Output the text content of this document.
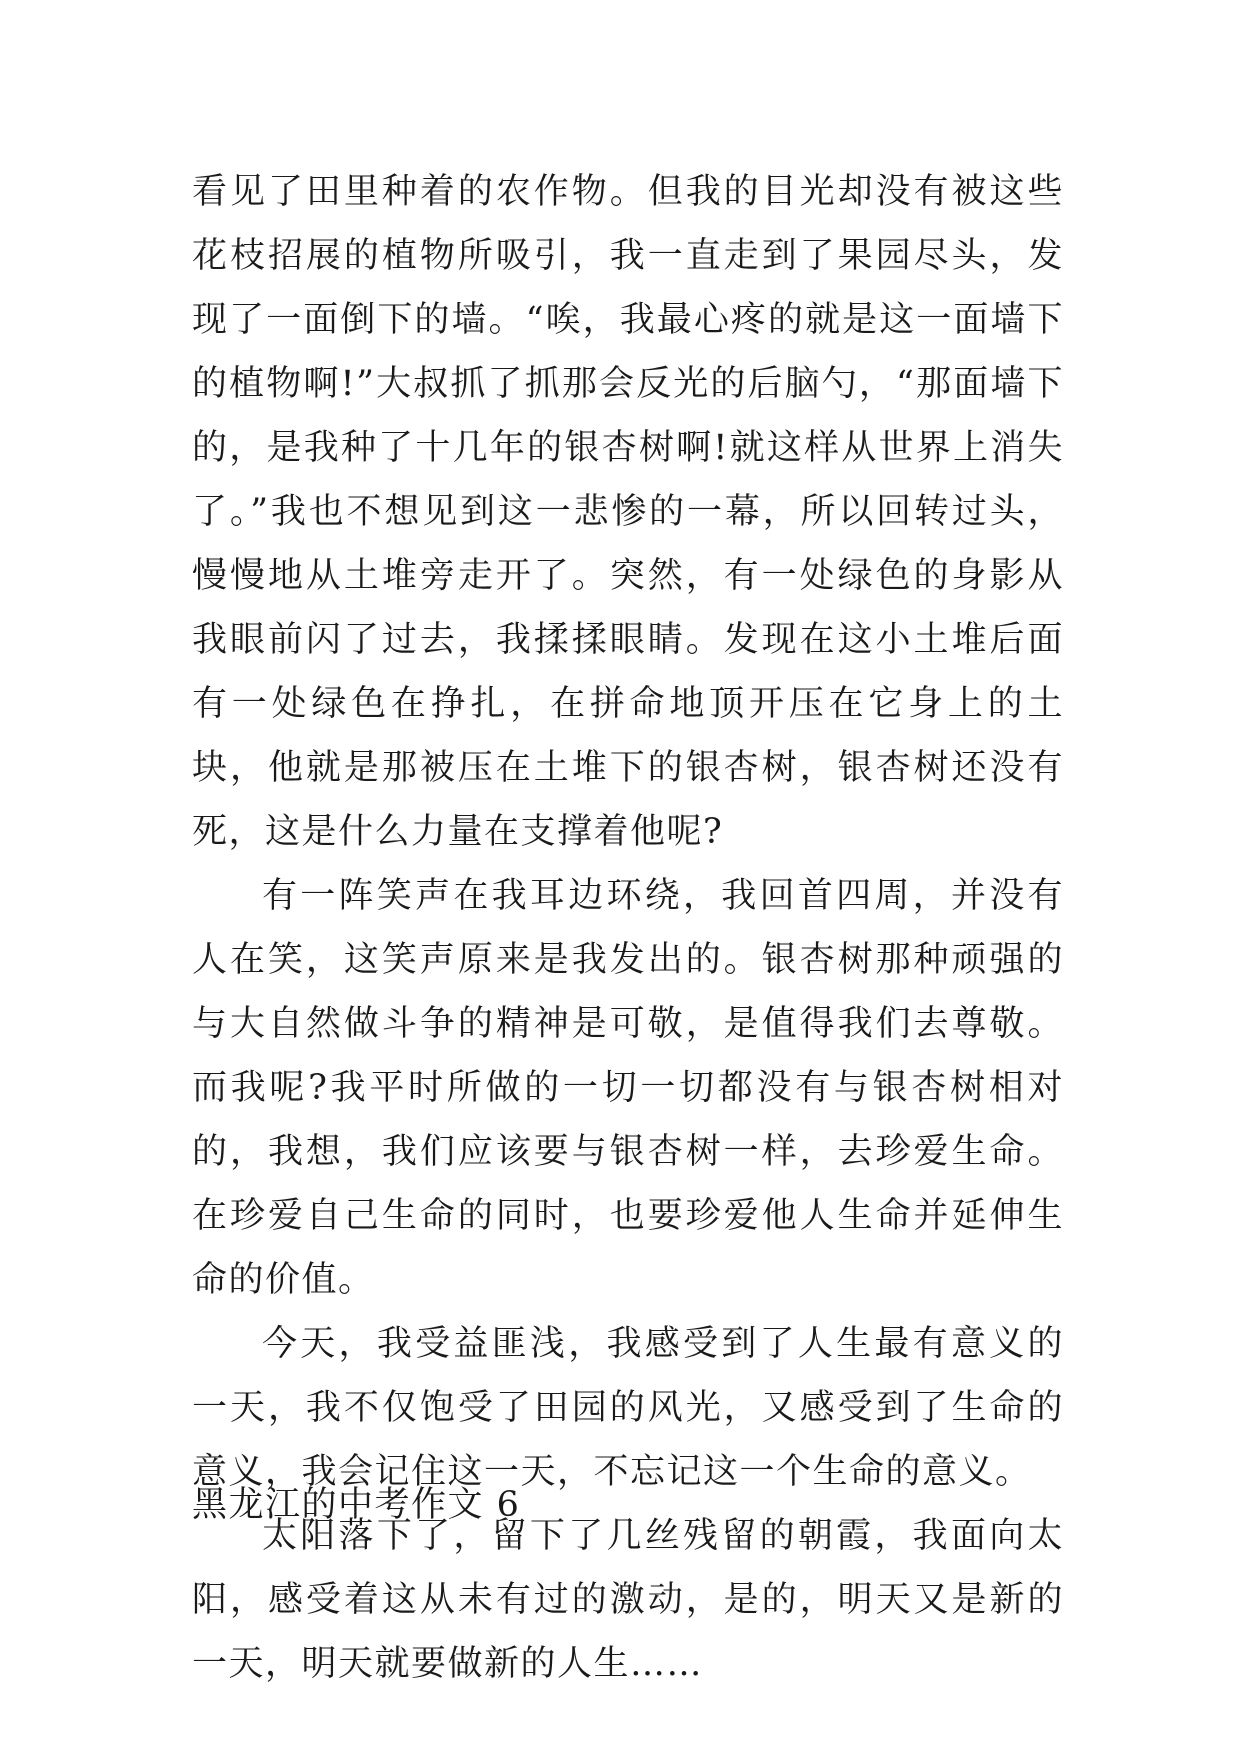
看见了田里种着的农作物。但我的目光却没有被这些花枝招展的植物所吸引，我一直走到了果园尽头，发现了一面倒下的墙。“唉，我最心疼的就是这一面墙下的植物啊!”大叔抓了抓那会反光的后脑勺，“那面墙下的，是我种了十几年的银杏树啊!就这样从世界上消失了。”我也不想见到这一悲惨的一幕，所以回转过头，慢慢地从土堆旁走开了。突然，有一处绿色的身影从我眼前闪了过去，我揉揉眼睛。发现在这小土堆后面有一处绿色在挣扎，在拼命地顶开压在它身上的土块，他就是那被压在土堆下的银杏树，银杏树还没有死，这是什么力量在支撑着他呢?

有一阵笑声在我耳边环绕，我回首四周，并没有人在笑，这笑声原来是我发出的。银杏树那种顽强的与大自然做斗争的精神是可敬，是值得我们去尊敬。而我呢?我平时所做的一切一切都没有与银杏树相对的，我想，我们应该要与银杏树一样，去珍爱生命。在珍爱自己生命的同时，也要珍爱他人生命并延伸生命的价值。

今天，我受益匪浅，我感受到了人生最有意义的一天，我不仅饱受了田园的风光，又感受到了生命的意义，我会记住这一天，不忘记这一个生命的意义。

太阳落下了，留下了几丝残留的朝霞，我面向太阳，感受着这从未有过的激动，是的，明天又是新的一天，明天就要做新的人生……

黑龙江的中考作文 6
